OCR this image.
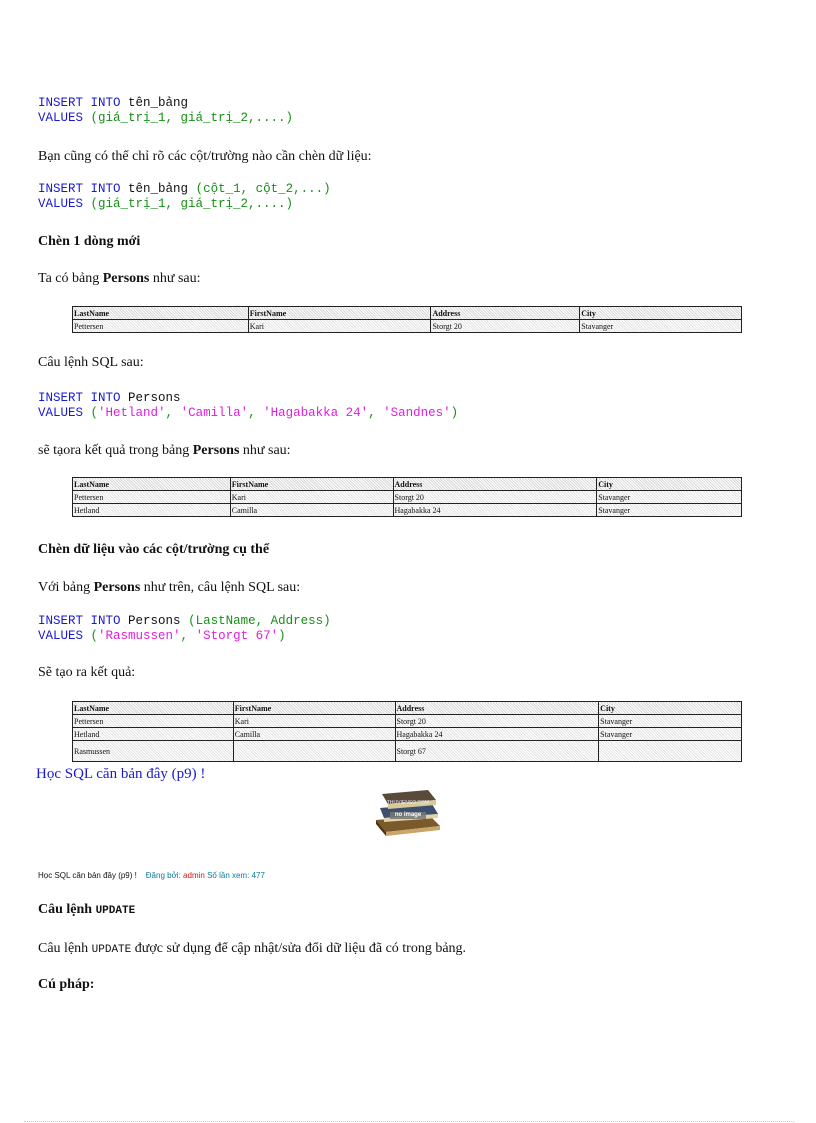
INSERT INTO tên_bảng
VALUES (giá_trị_1, giá_trị_2,....)
Bạn cũng có thể chỉ rõ các cột/trường nào cần chèn dữ liệu:
INSERT INTO tên_bảng (cột_1, cột_2,...)
VALUES (giá_trị_1, giá_trị_2,....)
Chèn 1 dòng mới
Ta có bảng Persons như sau:
LastName	FirstName	Address	City
Pettersen	Kari	Storgt 20	Stavanger
Câu lệnh SQL sau:
INSERT INTO Persons
VALUES ('Hetland', 'Camilla', 'Hagabakka 24', 'Sandnes')
sẽ tạora kết quả trong bảng Persons như sau:
LastName	FirstName	Address	City
Pettersen	Kari	Storgt 20	Stavanger
Hetland	Camilla	Hagabakka 24	Stavanger
Chèn dữ liệu vào các cột/trường cụ thể
Với bảng Persons như trên, câu lệnh SQL sau:
INSERT INTO Persons (LastName, Address)
VALUES ('Rasmussen', 'Storgt 67')
Sẽ tạo ra kết quả:
LastName	FirstName	Address	City
Pettersen	Kari	Storgt 20	Stavanger
Hetland	Camilla	Hagabakka 24	Stavanger
Rasmussen		Storgt 67	
Học SQL căn bản đây (p9) !
THUVIENSO.COM
no image
Học SQL căn bản đây (p9) ! Đăng bởi: admin Số lần xem: 477
Câu lệnh UPDATE
Câu lệnh UPDATE được sử dụng để cập nhật/sửa đổi dữ liệu đã có trong bảng.
Cú pháp:
